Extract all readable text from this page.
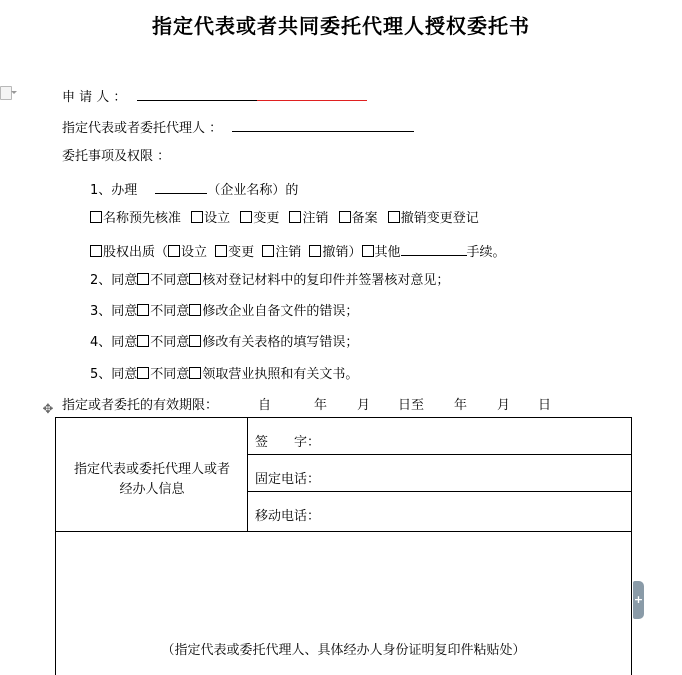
指定代表或者共同委托代理人授权委托书
申 请 人 ：
指定代表或者委托代理人 ：
委托事项及权限 ：
1、办理	（企业名称）的
名称预先核准 设立 变更 注销 备案 撤销变更登记
股权出质（ 设立 变更 注销 撤销） 其他	手续。
2、同意 不同意 核对登记材料中的复印件并签署核对意见；
3、同意 不同意 修改企业自备文件的错误；
4、同意 不同意 修改有关表格的填写错误；
5、同意 不同意 领取营业执照和有关文书。
✥ 指定或者委托的有效期限：	自	年 月 日至 年 月 日
指定代表或委托代理人或者
经办人信息
签　　字：
固定电话：
移动电话：
（指定代表或委托代理人、具体经办人身份证明复印件粘贴处）
+
